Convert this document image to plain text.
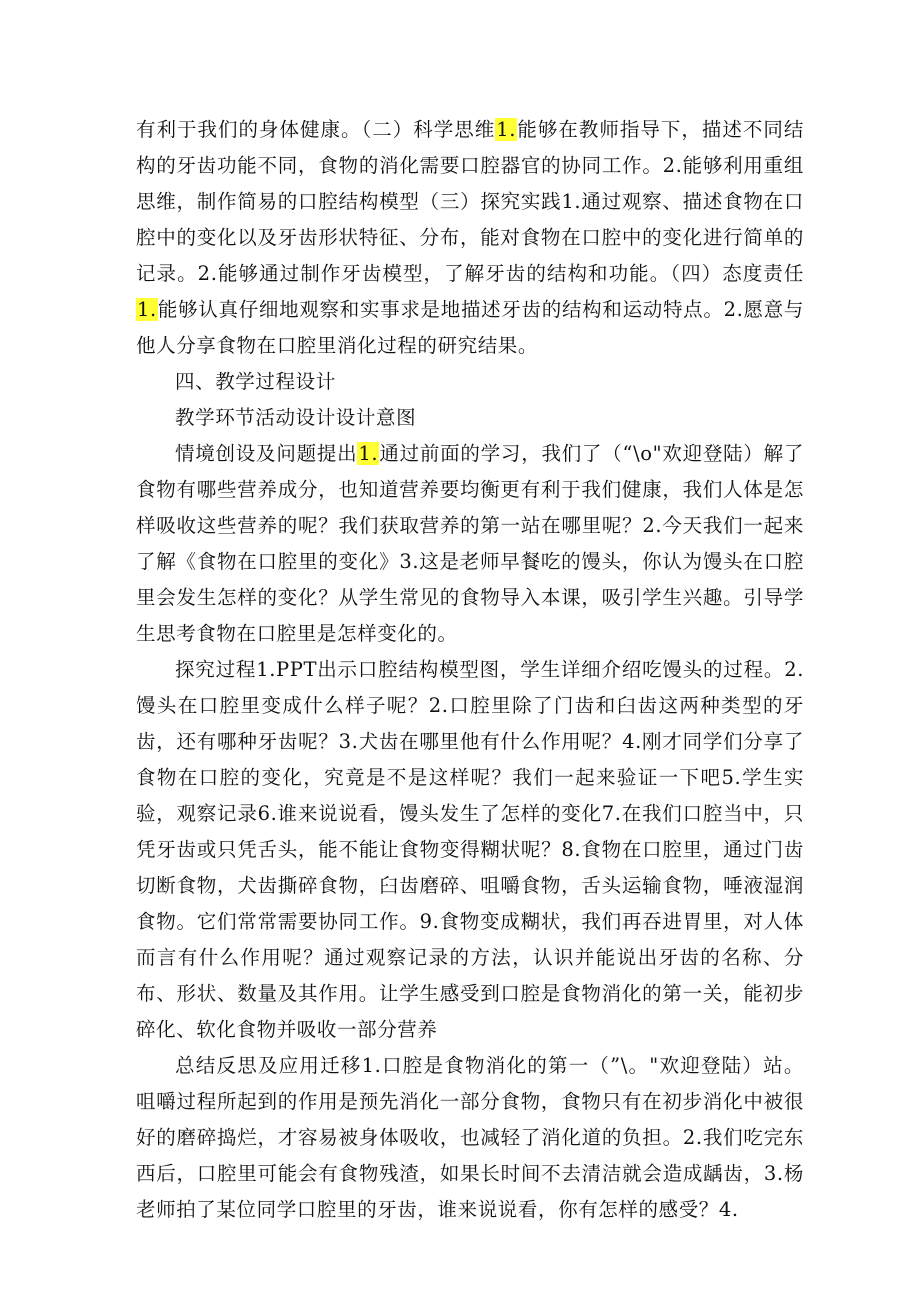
有利于我们的身体健康。（二）科学思维1.能够在教师指导下，描述不同结构的牙齿功能不同，食物的消化需要口腔器官的协同工作。2.能够利用重组思维，制作简易的口腔结构模型（三）探究实践1.通过观察、描述食物在口腔中的变化以及牙齿形状特征、分布，能对食物在口腔中的变化进行简单的记录。2.能够通过制作牙齿模型，了解牙齿的结构和功能。（四）态度责任1.能够认真仔细地观察和实事求是地描述牙齿的结构和运动特点。2.愿意与他人分享食物在口腔里消化过程的研究结果。

四、教学过程设计

教学环节活动设计设计意图

情境创设及问题提出1.通过前面的学习，我们了（“\o"欢迎登陆）解了食物有哪些营养成分，也知道营养要均衡更有利于我们健康，我们人体是怎样吸收这些营养的呢？我们获取营养的第一站在哪里呢？2.今天我们一起来了解《食物在口腔里的变化》3.这是老师早餐吃的馒头，你认为馒头在口腔里会发生怎样的变化？从学生常见的食物导入本课，吸引学生兴趣。引导学生思考食物在口腔里是怎样变化的。

探究过程1.PPT出示口腔结构模型图，学生详细介绍吃馒头的过程。2.馒头在口腔里变成什么样子呢？2.口腔里除了门齿和臼齿这两种类型的牙齿，还有哪种牙齿呢？3.犬齿在哪里他有什么作用呢？4.刚才同学们分享了食物在口腔的变化，究竟是不是这样呢？我们一起来验证一下吧5.学生实验，观察记录6.谁来说说看，馒头发生了怎样的变化7.在我们口腔当中，只凭牙齿或只凭舌头，能不能让食物变得糊状呢？8.食物在口腔里，通过门齿切断食物，犬齿撕碎食物，臼齿磨碎、咀嚼食物，舌头运输食物，唾液湿润食物。它们常常需要协同工作。9.食物变成糊状，我们再吞进胃里，对人体而言有什么作用呢？通过观察记录的方法，认识并能说出牙齿的名称、分布、形状、数量及其作用。让学生感受到口腔是食物消化的第一关，能初步碎化、软化食物并吸收一部分营养

总结反思及应用迁移1.口腔是食物消化的第一（”\。"欢迎登陆）站。咀嚼过程所起到的作用是预先消化一部分食物，食物只有在初步消化中被很好的磨碎捣烂，才容易被身体吸收，也减轻了消化道的负担。2.我们吃完东西后，口腔里可能会有食物残渣，如果长时间不去清洁就会造成龋齿，3.杨老师拍了某位同学口腔里的牙齿，谁来说说看，你有怎样的感受？4.
